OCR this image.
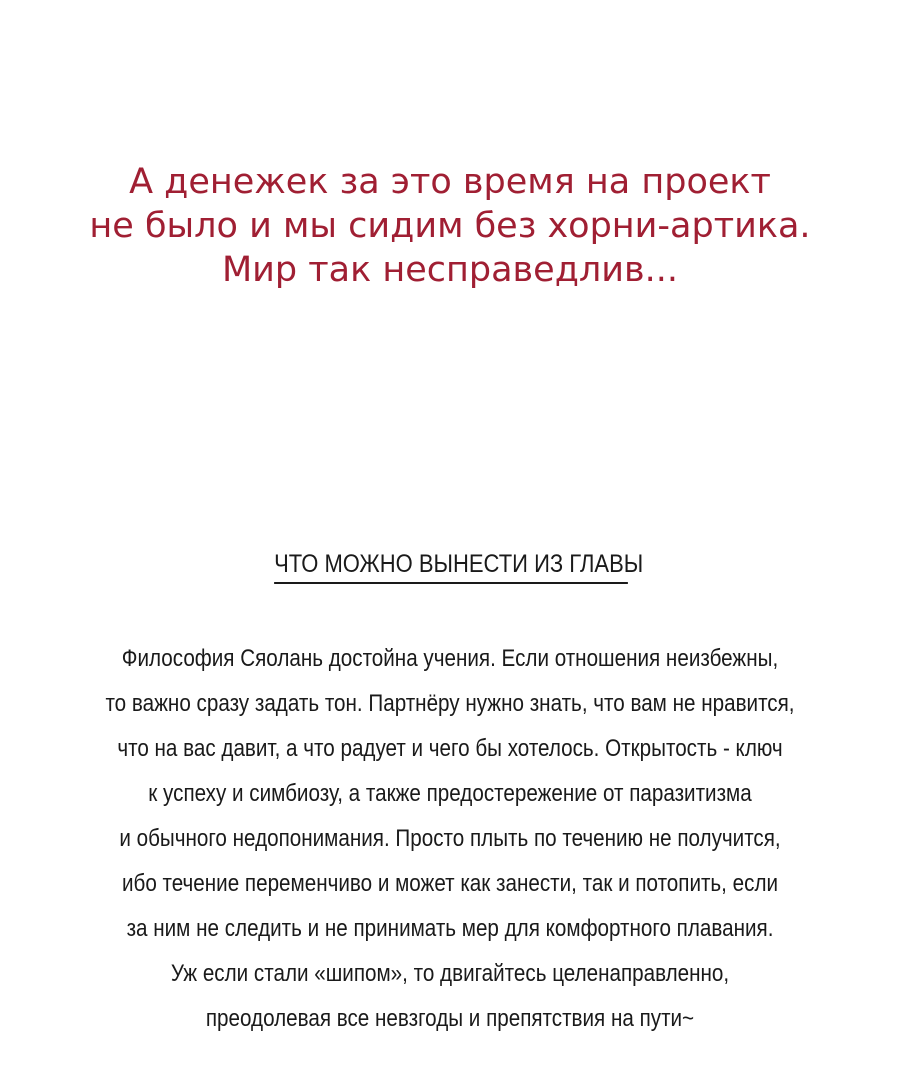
А денежек за это время на проект
не было и мы сидим без хорни-артика.
Мир так несправедлив...
ЧТО МОЖНО ВЫНЕСТИ ИЗ ГЛАВЫ
Философия Сяолань достойна учения. Если отношения неизбежны,
то важно сразу задать тон. Партнёру нужно знать, что вам не нравится,
что на вас давит, а что радует и чего бы хотелось. Открытость - ключ
к успеху и симбиозу, а также предостережение от паразитизма
и обычного недопонимания. Просто плыть по течению не получится,
ибо течение переменчиво и может как занести, так и потопить, если
за ним не следить и не принимать мер для комфортного плавания.
Уж если стали «шипом», то двигайтесь целенаправленно,
преодолевая все невзгоды и препятствия на пути~
